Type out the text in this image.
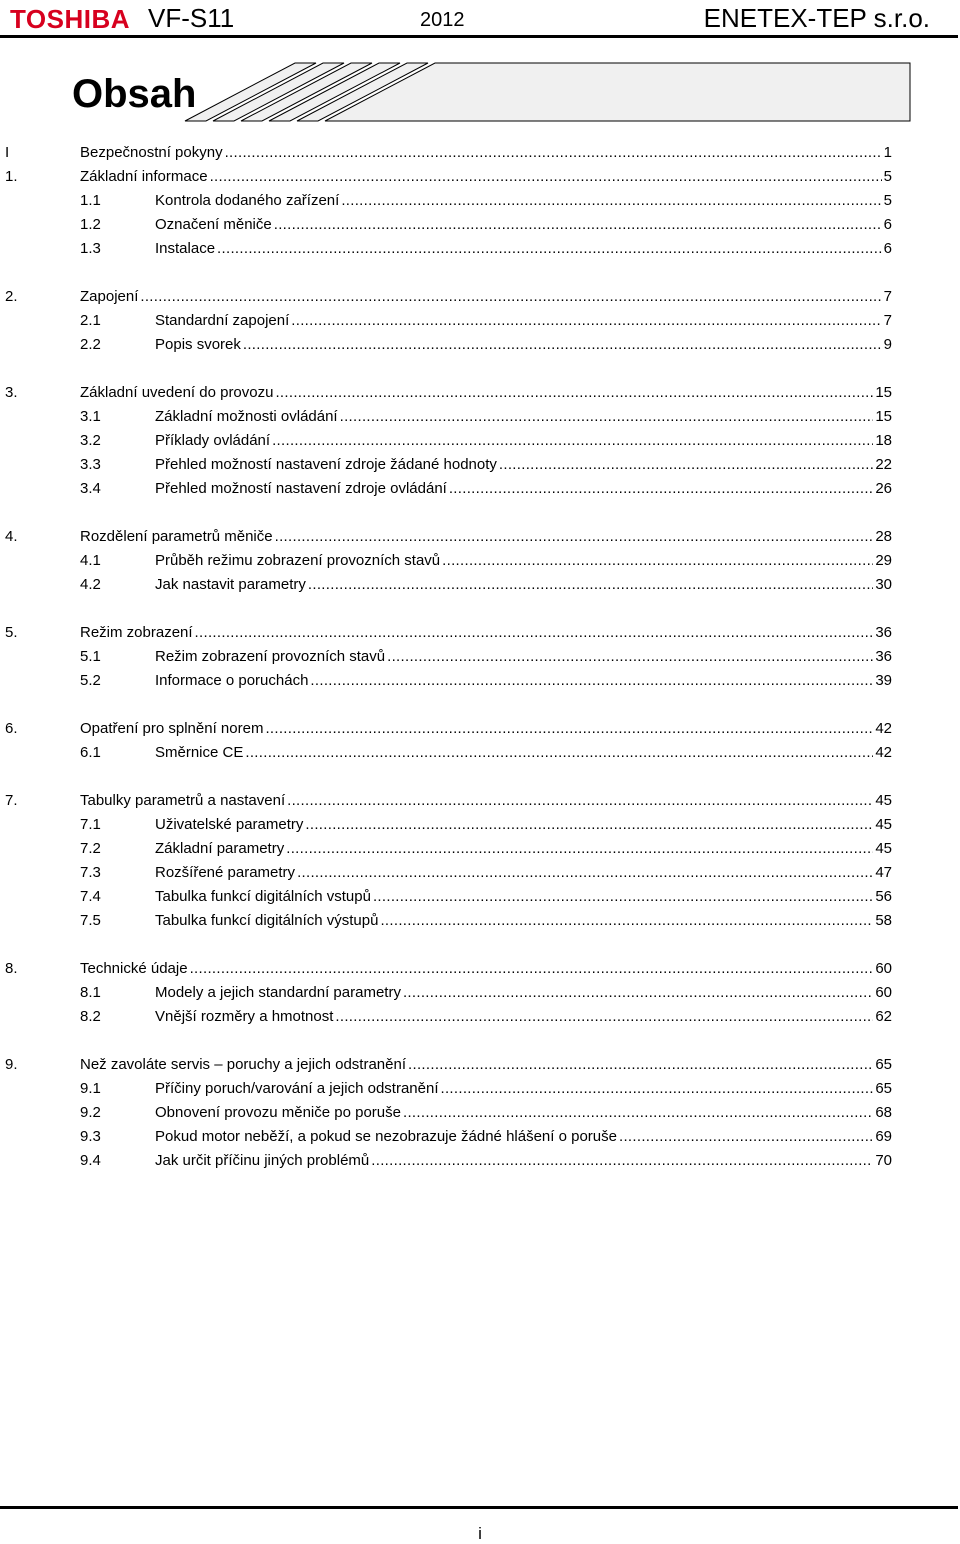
TOSHIBA VF-S11	2012	ENETEX-TEP s.r.o.
Obsah
I	Bezpečnostní pokyny .....	1
1.	Základní informace .....	5
1.1	Kontrola dodaného zařízení .....	5
1.2	Označení měniče .....	6
1.3	Instalace .....	6
2.	Zapojení .....	7
2.1	Standardní zapojení .....	7
2.2	Popis svorek .....	9
3.	Základní uvedení do provozu .....	15
3.1	Základní možnosti ovládání .....	15
3.2	Příklady ovládání .....	18
3.3	Přehled možností nastavení zdroje žádané hodnoty .....	22
3.4	Přehled možností nastavení zdroje ovládání .....	26
4.	Rozdělení parametrů měniče .....	28
4.1	Průběh režimu zobrazení provozních stavů .....	29
4.2	Jak nastavit parametry .....	30
5.	Režim zobrazení .....	36
5.1	Režim zobrazení provozních stavů .....	36
5.2	Informace o poruchách .....	39
6.	Opatření pro splnění norem .....	42
6.1	Směrnice CE .....	42
7.	Tabulky parametrů a nastavení .....	45
7.1	Uživatelské parametry .....	45
7.2	Základní parametry .....	45
7.3	Rozšířené parametry .....	47
7.4	Tabulka funkcí digitálních vstupů .....	56
7.5	Tabulka funkcí digitálních výstupů .....	58
8.	Technické údaje .....	60
8.1	Modely a jejich standardní parametry .....	60
8.2	Vnější rozměry a hmotnost .....	62
9.	Než zavoláte servis – poruchy a jejich odstranění .....	65
9.1	Příčiny poruch/varování a jejich odstranění .....	65
9.2	Obnovení provozu měniče po poruše .....	68
9.3	Pokud motor neběží, a pokud se nezobrazuje žádné hlášení o poruše .....	69
9.4	Jak určit příčinu jiných problémů .....	70
i
